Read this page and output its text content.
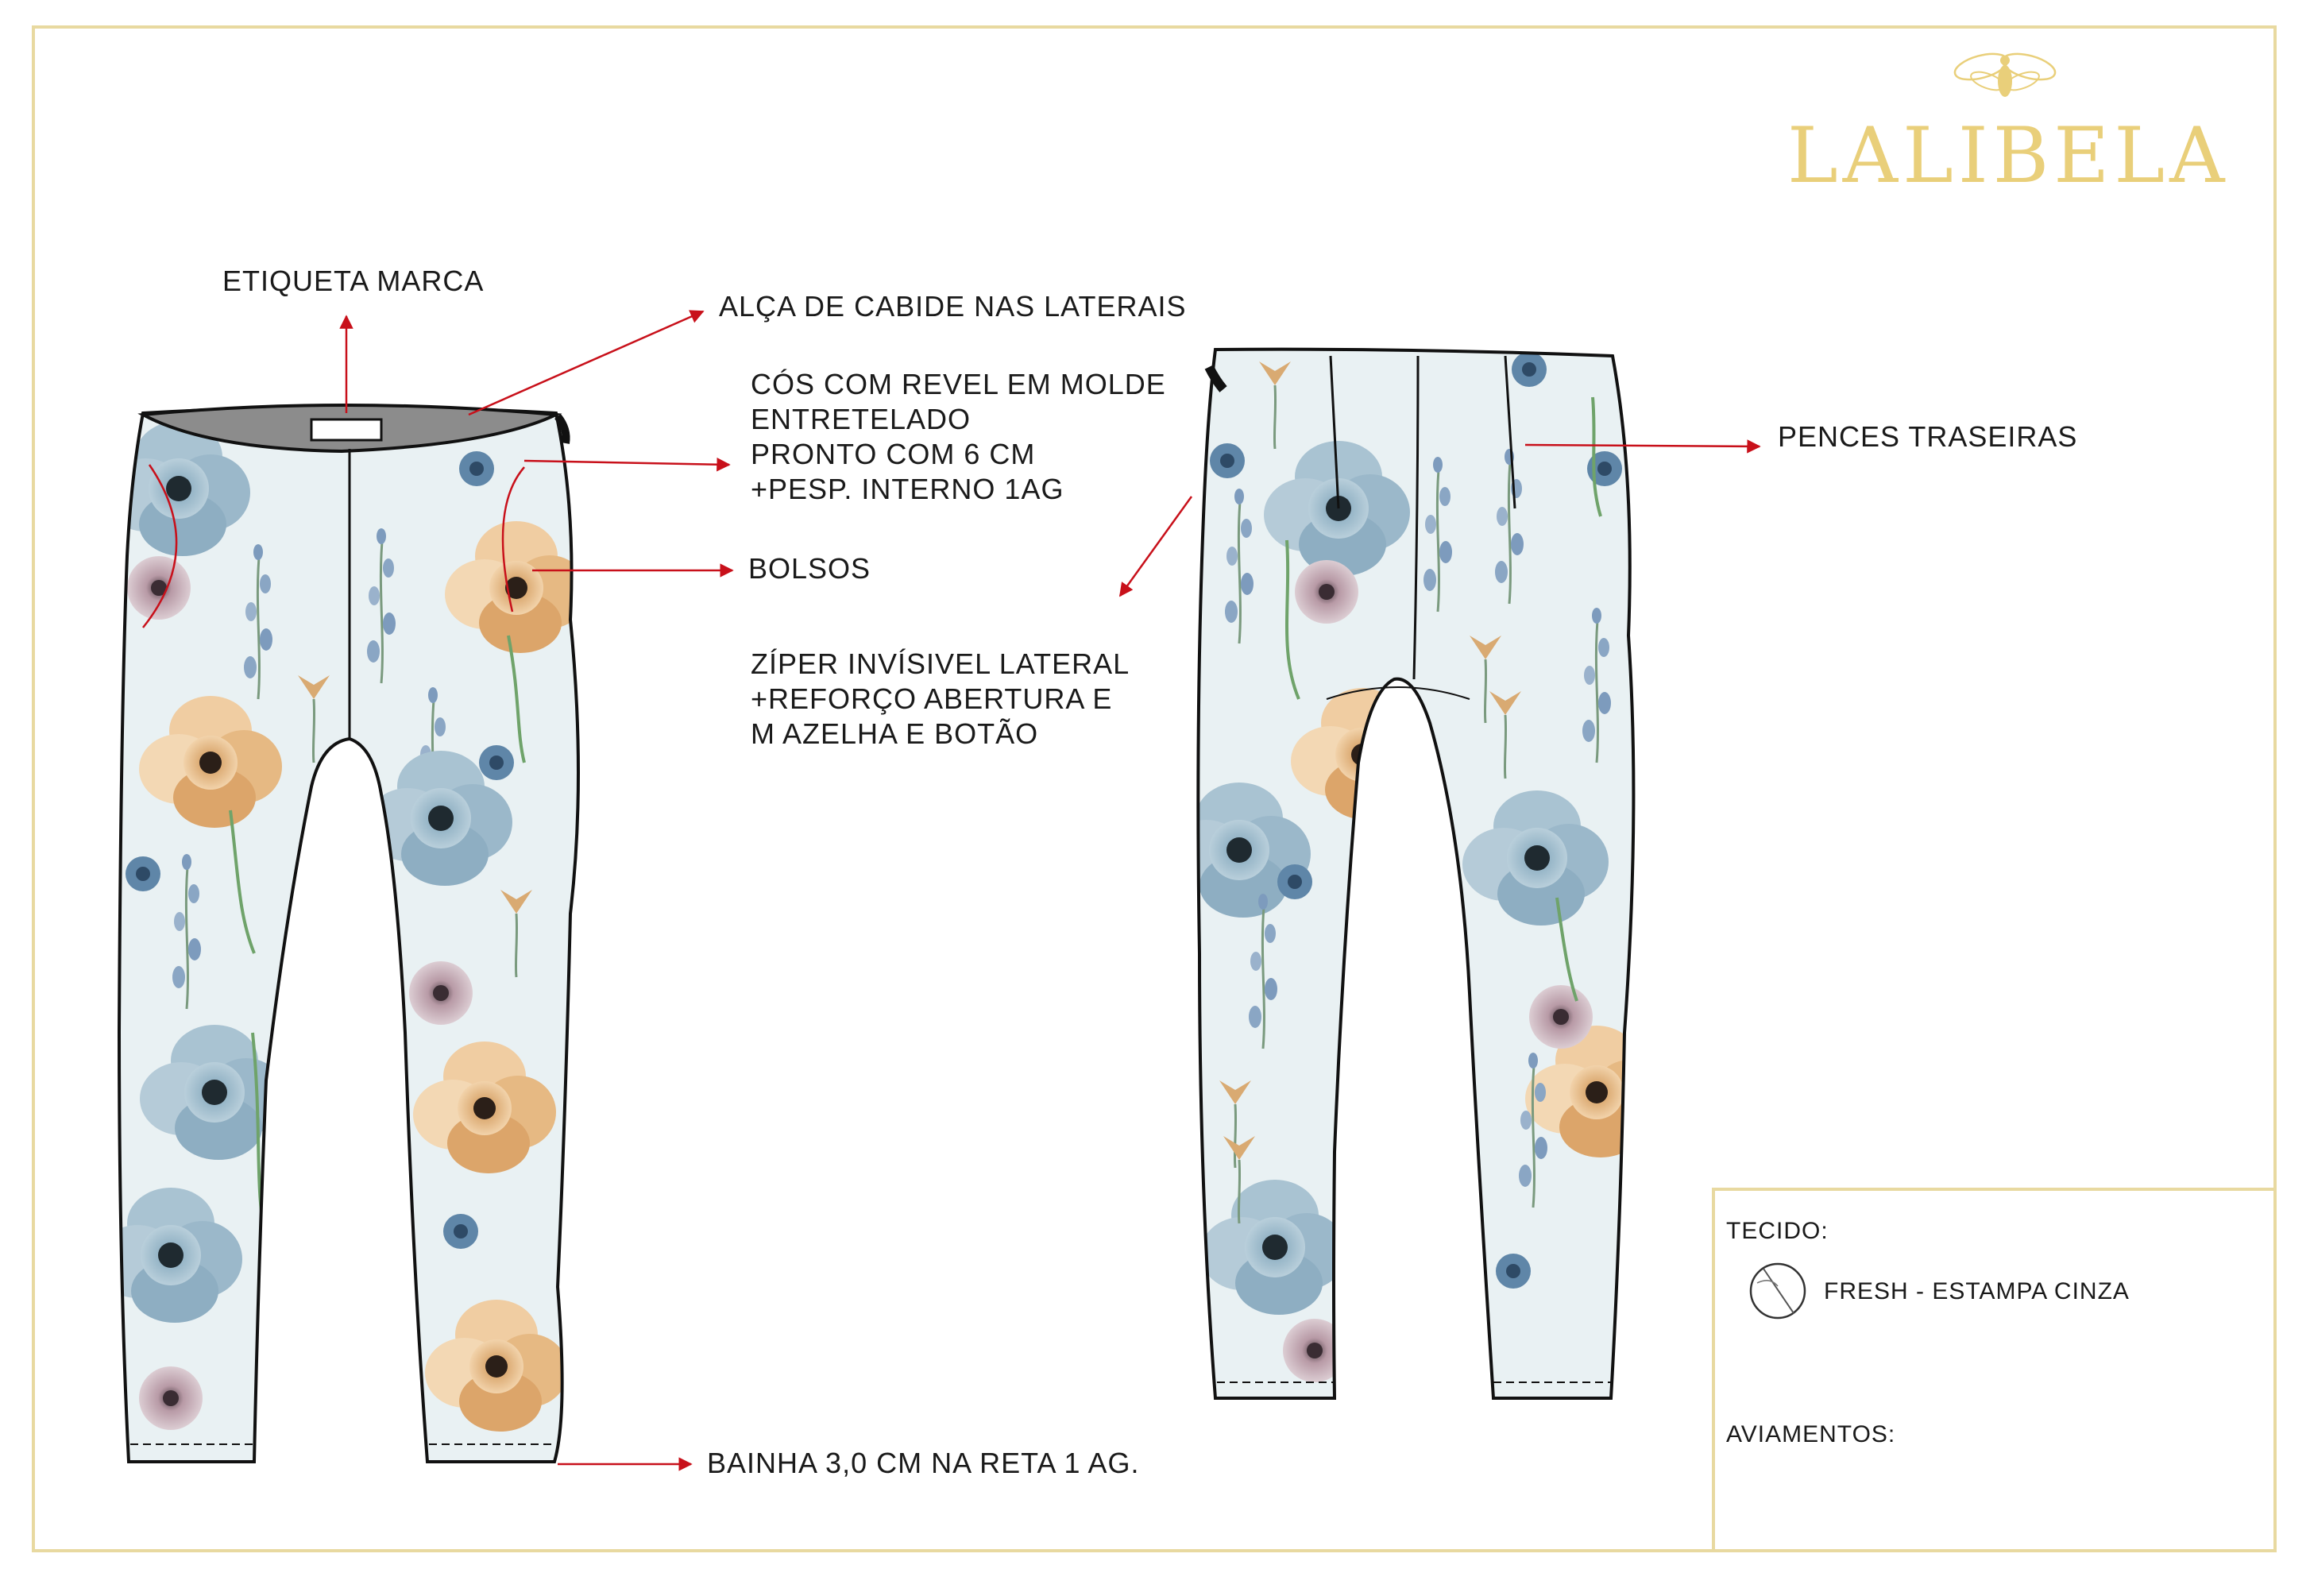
LALIBELA
ETIQUETA MARCA
ALÇA DE CABIDE NAS LATERAIS
CÓS COM REVEL EM MOLDE
ENTRETELADO
PRONTO COM 6 CM
+PESP. INTERNO 1AG
BOLSOS
ZÍPER INVÍSIVEL LATERAL
+REFORÇO ABERTURA E
M AZELHA E BOTÃO
PENCES TRASEIRAS
BAINHA 3,0 CM NA RETA 1 AG.
TECIDO:
FRESH - ESTAMPA CINZA
AVIAMENTOS:
